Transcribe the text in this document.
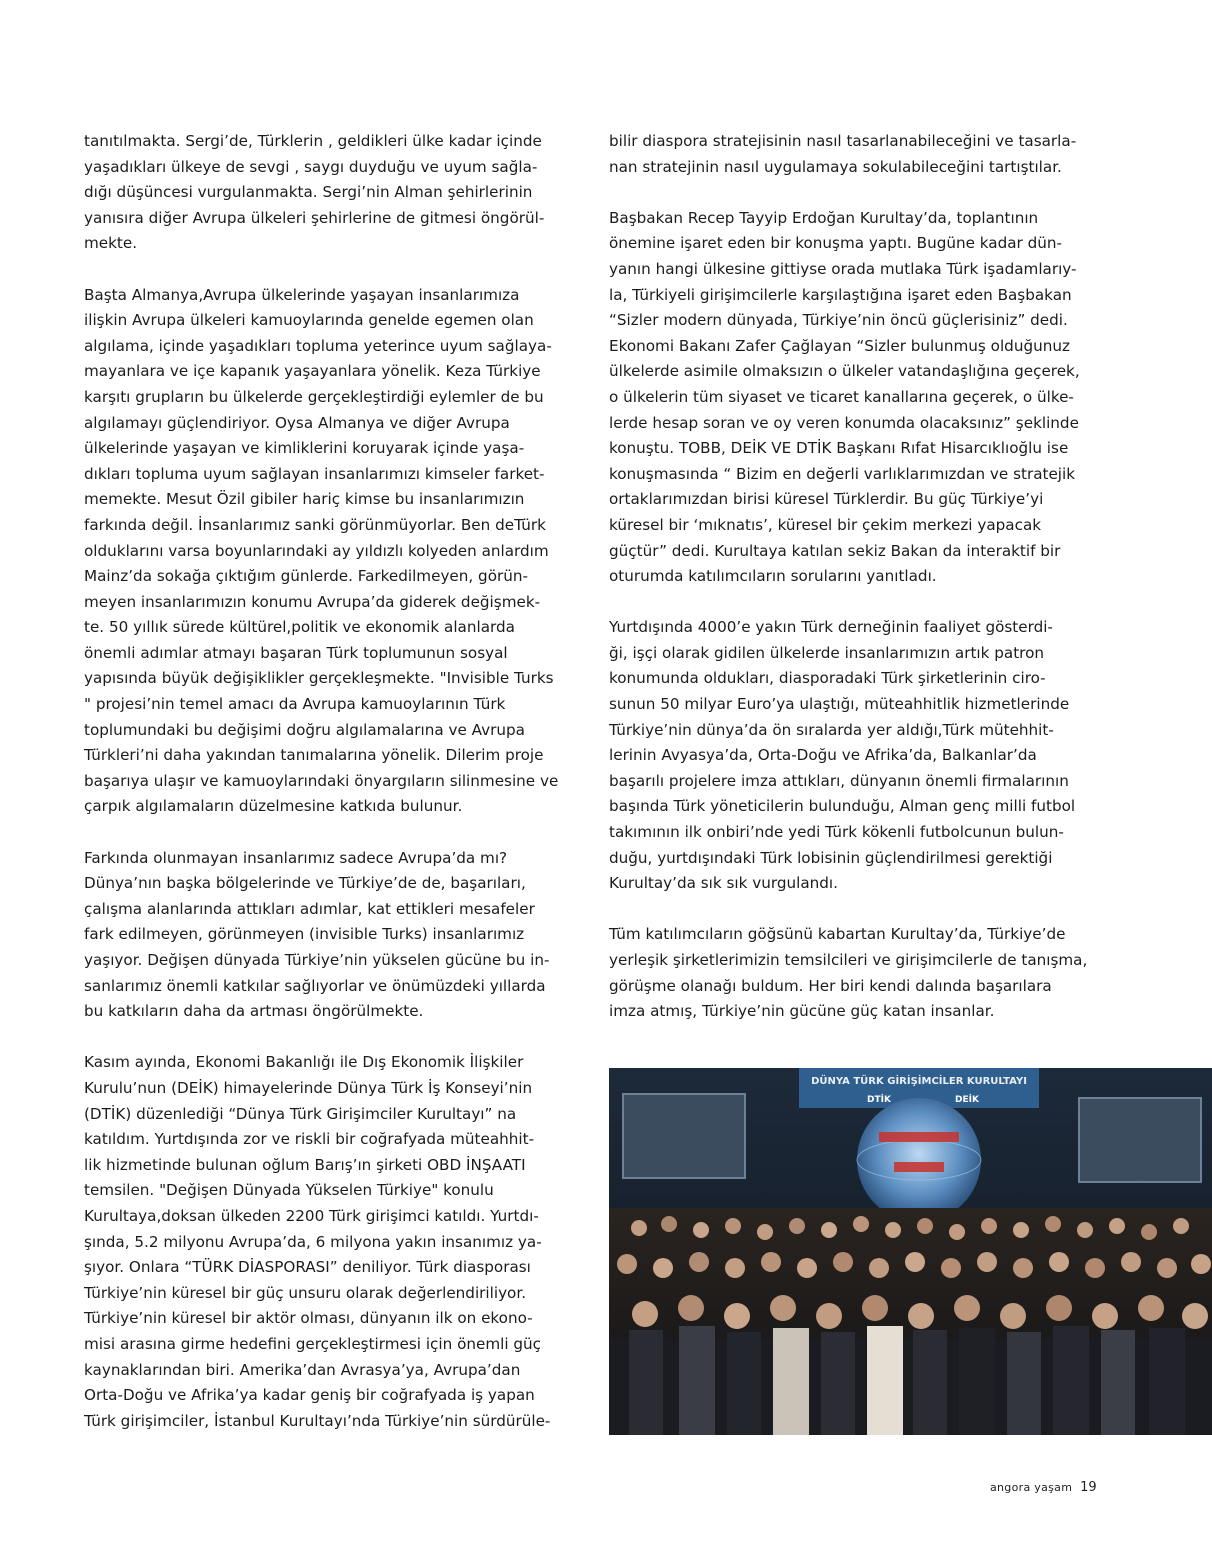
tanıtılmakta. Sergi’de, Türklerin , geldikleri ülke kadar içinde
yaşadıkları ülkeye de sevgi , saygı duyduğu ve uyum sağla-
dığı düşüncesi vurgulanmakta. Sergi’nin Alman şehirlerinin
yanısıra diğer Avrupa ülkeleri şehirlerine de gitmesi öngörül-
mekte.

Başta Almanya,Avrupa ülkelerinde yaşayan insanlarımıza
ilişkin Avrupa ülkeleri kamuoylarında genelde egemen olan
algılama, içinde yaşadıkları topluma yeterince uyum sağlaya-
mayanlara ve içe kapanık yaşayanlara yönelik. Keza Türkiye
karşıtı grupların bu ülkelerde gerçekleştirdiği eylemler de bu
algılamayı güçlendiriyor. Oysa Almanya ve diğer Avrupa
ülkelerinde yaşayan ve kimliklerini koruyarak içinde yaşa-
dıkları topluma uyum sağlayan insanlarımızı kimseler farket-
memekte. Mesut Özil gibiler hariç kimse bu insanlarımızın
farkında değil. İnsanlarımız sanki görünmüyorlar. Ben deTürk
olduklarını varsa boyunlarındaki ay yıldızlı kolyeden anlardım
Mainz’da sokağa çıktığım günlerde. Farkedilmeyen, görün-
meyen insanlarımızın konumu Avrupa’da giderek değişmek-
te. 50 yıllık sürede kültürel,politik ve ekonomik alanlarda
önemli adımlar atmayı başaran Türk toplumunun sosyal
yapısında büyük değişiklikler gerçekleşmekte. "Invisible Turks
" projesi’nin temel amacı da Avrupa kamuoylarının Türk
toplumundaki bu değişimi doğru algılamalarına ve Avrupa
Türkleri’ni daha yakından tanımalarına yönelik. Dilerim proje
başarıya ulaşır ve kamuoylarındaki önyargıların silinmesine ve
çarpık algılamaların düzelmesine katkıda bulunur.

Farkında olunmayan insanlarımız sadece Avrupa’da mı?
Dünya’nın başka bölgelerinde ve Türkiye’de de, başarıları,
çalışma alanlarında attıkları adımlar, kat ettikleri mesafeler
fark edilmeyen, görünmeyen (invisible Turks) insanlarımız
yaşıyor. Değişen dünyada Türkiye’nin yükselen gücüne bu in-
sanlarımız önemli katkılar sağlıyorlar ve önümüzdeki yıllarda
bu katkıların daha da artması öngörülmekte.

Kasım ayında, Ekonomi Bakanlığı ile Dış Ekonomik İlişkiler
Kurulu’nun (DEİK) himayelerinde Dünya Türk İş Konseyi’nin
(DTİK) düzenlediği “Dünya Türk Girişimciler Kurultayı” na
katıldım. Yurtdışında zor ve riskli bir coğrafyada müteahhit-
lik hizmetinde bulunan oğlum Barış’ın şirketi OBD İNŞAATI
temsilen. "Değişen Dünyada Yükselen Türkiye" konulu
Kurultaya,doksan ülkeden 2200 Türk girişimci katıldı. Yurtdı-
şında, 5.2 milyonu Avrupa’da, 6 milyona yakın insanımız ya-
şıyor. Onlara “TÜRK DİASPORASI” deniliyor. Türk diasporası
Türkiye’nin küresel bir güç unsuru olarak değerlendiriliyor.
Türkiye’nin küresel bir aktör olması, dünyanın ilk on ekono-
misi arasına girme hedefini gerçekleştirmesi için önemli güç
kaynaklarından biri. Amerika’dan Avrasya’ya, Avrupa’dan
Orta-Doğu ve Afrika’ya kadar geniş bir coğrafyada iş yapan
Türk girişimciler, İstanbul Kurultayı’nda Türkiye’nin sürdürüle-

bilir diaspora stratejisinin nasıl tasarlanabileceğini ve tasarla-
nan stratejinin nasıl uygulamaya sokulabileceğini tartıştılar.

Başbakan Recep Tayyip Erdoğan Kurultay’da, toplantının
önemine işaret eden bir konuşma yaptı. Bugüne kadar dün-
yanın hangi ülkesine gittiyse orada mutlaka Türk işadamlarıy-
la, Türkiyeli girişimcilerle karşılaştığına işaret eden Başbakan
“Sizler modern dünyada, Türkiye’nin öncü güçlerisiniz” dedi.
Ekonomi Bakanı Zafer Çağlayan “Sizler bulunmuş olduğunuz
ülkelerde asimile olmaksızın o ülkeler vatandaşlığına geçerek,
o ülkelerin tüm siyaset ve ticaret kanallarına geçerek, o ülke-
lerde hesap soran ve oy veren konumda olacaksınız” şeklinde
konuştu. TOBB, DEİK VE DTİK Başkanı Rıfat Hisarcıklıoğlu ise
konuşmasında “ Bizim en değerli varlıklarımızdan ve stratejik
ortaklarımızdan birisi küresel Türklerdir. Bu güç Türkiye’yi
küresel bir ‘mıknatıs’, küresel bir çekim merkezi yapacak
güçtür” dedi. Kurultaya katılan sekiz Bakan da interaktif bir
oturumda katılımcıların sorularını yanıtladı.

Yurtdışında 4000’e yakın Türk derneğinin faaliyet gösterdi-
ği, işçi olarak gidilen ülkelerde insanlarımızın artık patron
konumunda oldukları, diasporadaki Türk şirketlerinin ciro-
sunun 50 milyar Euro’ya ulaştığı, müteahhitlik hizmetlerinde
Türkiye’nin dünya’da ön sıralarda yer aldığı,Türk mütehhit-
lerinin Avyasya’da, Orta-Doğu ve Afrika’da, Balkanlar’da
başarılı projelere imza attıkları, dünyanın önemli firmalarının
başında Türk yöneticilerin bulunduğu, Alman genç milli futbol
takımının ilk onbiri’nde yedi Türk kökenli futbolcunun bulun-
duğu, yurtdışındaki Türk lobisinin güçlendirilmesi gerektiği
Kurultay’da sık sık vurgulandı.

Tüm katılımcıların göğsünü kabartan Kurultay’da, Türkiye’de
yerleşik şirketlerimizin temsilcileri ve girişimcilerle de tanışma,
görüşme olanağı buldum. Her biri kendi dalında başarılara
imza atmış, Türkiye’nin gücüne güç katan insanlar.

DÜNYA TÜRK GİRİŞİMCİLER KURULTAYI
DTİK	DEİK
angora yaşam 19
